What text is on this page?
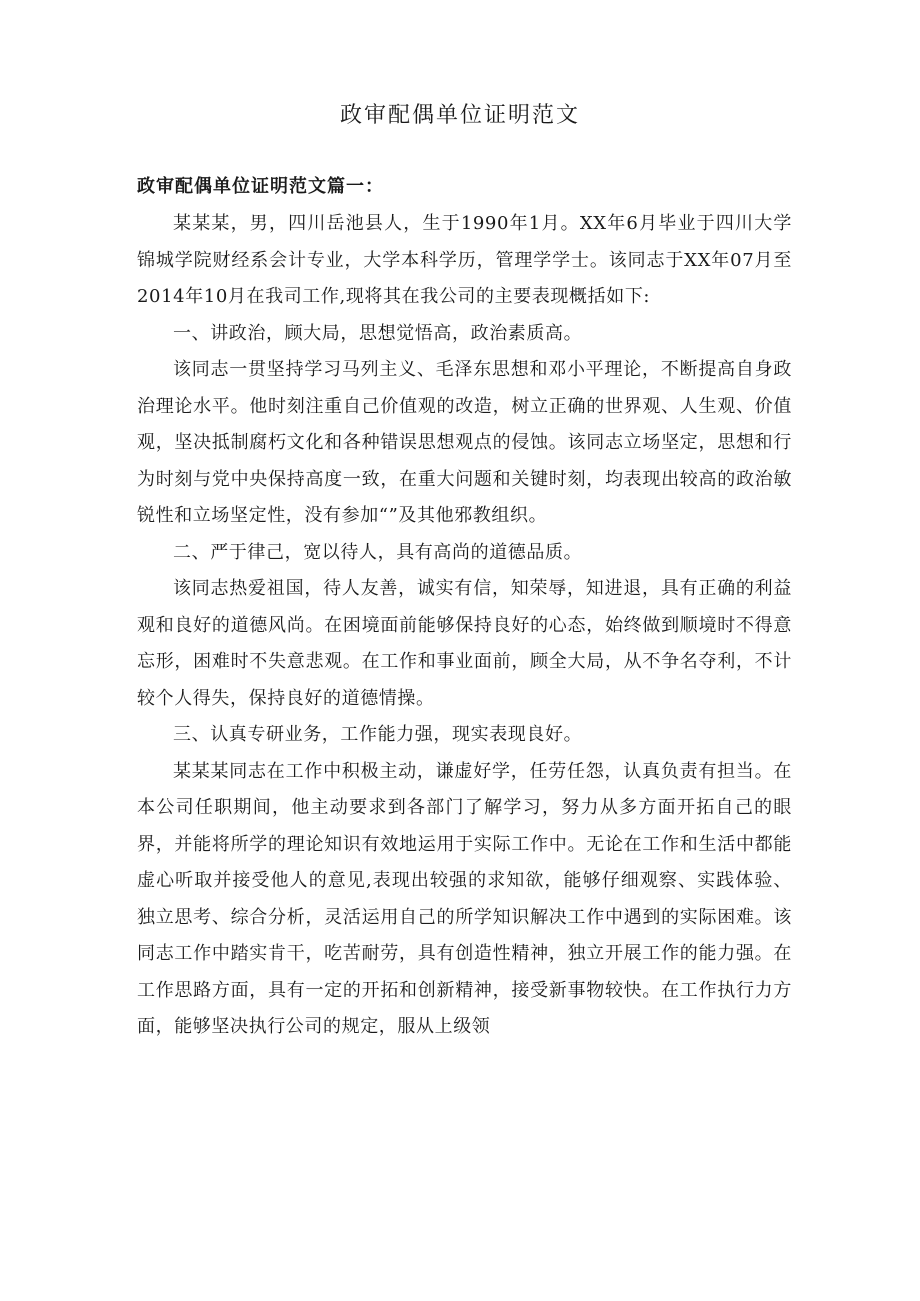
政审配偶单位证明范文
政审配偶单位证明范文篇一：

某某某，男，四川岳池县人，生于1990年1月。XX年6月毕业于四川大学锦城学院财经系会计专业，大学本科学历，管理学学士。该同志于XX年07月至2014年10月在我司工作,现将其在我公司的主要表现概括如下:

一、讲政治，顾大局，思想觉悟高，政治素质高。

该同志一贯坚持学习马列主义、毛泽东思想和邓小平理论，不断提高自身政治理论水平。他时刻注重自己价值观的改造，树立正确的世界观、人生观、价值观，坚决抵制腐朽文化和各种错误思想观点的侵蚀。该同志立场坚定，思想和行为时刻与党中央保持高度一致，在重大问题和关键时刻，均表现出较高的政治敏锐性和立场坚定性，没有参加“”及其他邪教组织。

二、严于律己，宽以待人，具有高尚的道德品质。

该同志热爱祖国，待人友善，诚实有信，知荣辱，知进退，具有正确的利益观和良好的道德风尚。在困境面前能够保持良好的心态，始终做到顺境时不得意忘形，困难时不失意悲观。在工作和事业面前，顾全大局，从不争名夺利，不计较个人得失，保持良好的道德情操。

三、认真专研业务，工作能力强，现实表现良好。

某某某同志在工作中积极主动，谦虚好学，任劳任怨，认真负责有担当。在本公司任职期间，他主动要求到各部门了解学习，努力从多方面开拓自己的眼界，并能将所学的理论知识有效地运用于实际工作中。无论在工作和生活中都能虚心听取并接受他人的意见,表现出较强的求知欲，能够仔细观察、实践体验、独立思考、综合分析，灵活运用自己的所学知识解决工作中遇到的实际困难。该同志工作中踏实肯干，吃苦耐劳，具有创造性精神，独立开展工作的能力强。在工作思路方面，具有一定的开拓和创新精神，接受新事物较快。在工作执行力方面，能够坚决执行公司的规定，服从上级领
